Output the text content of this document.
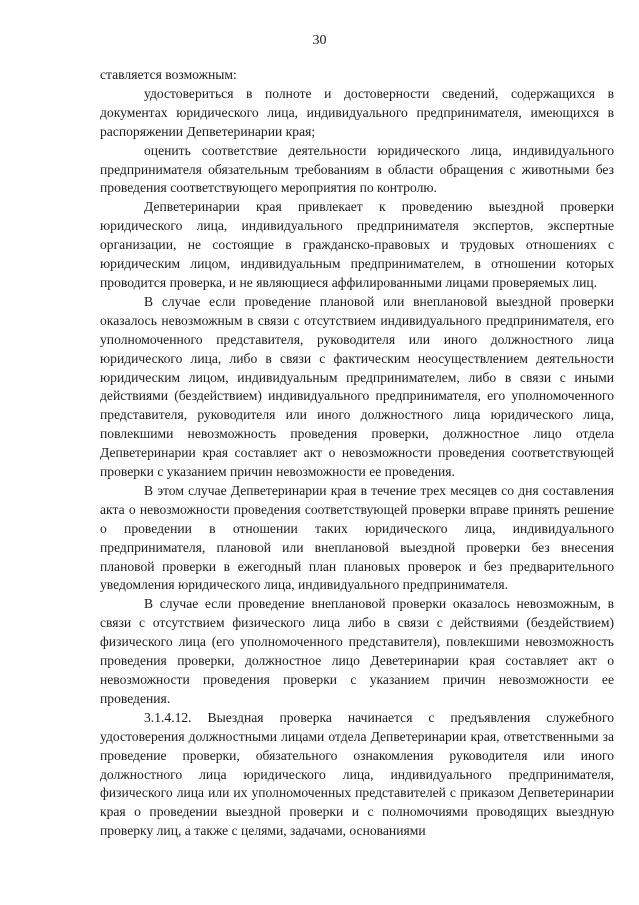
30

ставляется возможным:

удостовериться в полноте и достоверности сведений, содержащихся в документах юридического лица, индивидуального предпринимателя, имеющихся в распоряжении Депветеринарии края;

оценить соответствие деятельности юридического лица, индивидуального предпринимателя обязательным требованиям в области обращения с животными без проведения соответствующего мероприятия по контролю.

Депветеринарии края привлекает к проведению выездной проверки юридического лица, индивидуального предпринимателя экспертов, экспертные организации, не состоящие в гражданско-правовых и трудовых отношениях с юридическим лицом, индивидуальным предпринимателем, в отношении которых проводится проверка, и не являющиеся аффилированными лицами проверяемых лиц.

В случае если проведение плановой или внеплановой выездной проверки оказалось невозможным в связи с отсутствием индивидуального предпринимателя, его уполномоченного представителя, руководителя или иного должностного лица юридического лица, либо в связи с фактическим неосуществлением деятельности юридическим лицом, индивидуальным предпринимателем, либо в связи с иными действиями (бездействием) индивидуального предпринимателя, его уполномоченного представителя, руководителя или иного должностного лица юридического лица, повлекшими невозможность проведения проверки, должностное лицо отдела Депветеринарии края составляет акт о невозможности проведения соответствующей проверки с указанием причин невозможности ее проведения.

В этом случае Депветеринарии края в течение трех месяцев со дня составления акта о невозможности проведения соответствующей проверки вправе принять решение о проведении в отношении таких юридического лица, индивидуального предпринимателя, плановой или внеплановой выездной проверки без внесения плановой проверки в ежегодный план плановых проверок и без предварительного уведомления юридического лица, индивидуального предпринимателя.

В случае если проведение внеплановой проверки оказалось невозможным, в связи с отсутствием физического лица либо в связи с действиями (бездействием) физического лица (его уполномоченного представителя), повлекшими невозможность проведения проверки, должностное лицо Деветеринарии края составляет акт о невозможности проведения проверки с указанием причин невозможности ее проведения.

3.1.4.12. Выездная проверка начинается с предъявления служебного удостоверения должностными лицами отдела Депветеринарии края, ответственными за проведение проверки, обязательного ознакомления руководителя или иного должностного лица юридического лица, индивидуального предпринимателя, физического лица или их уполномоченных представителей с приказом Депветеринарии края о проведении выездной проверки и с полномочиями проводящих выездную проверку лиц, а также с целями, задачами, основаниями
